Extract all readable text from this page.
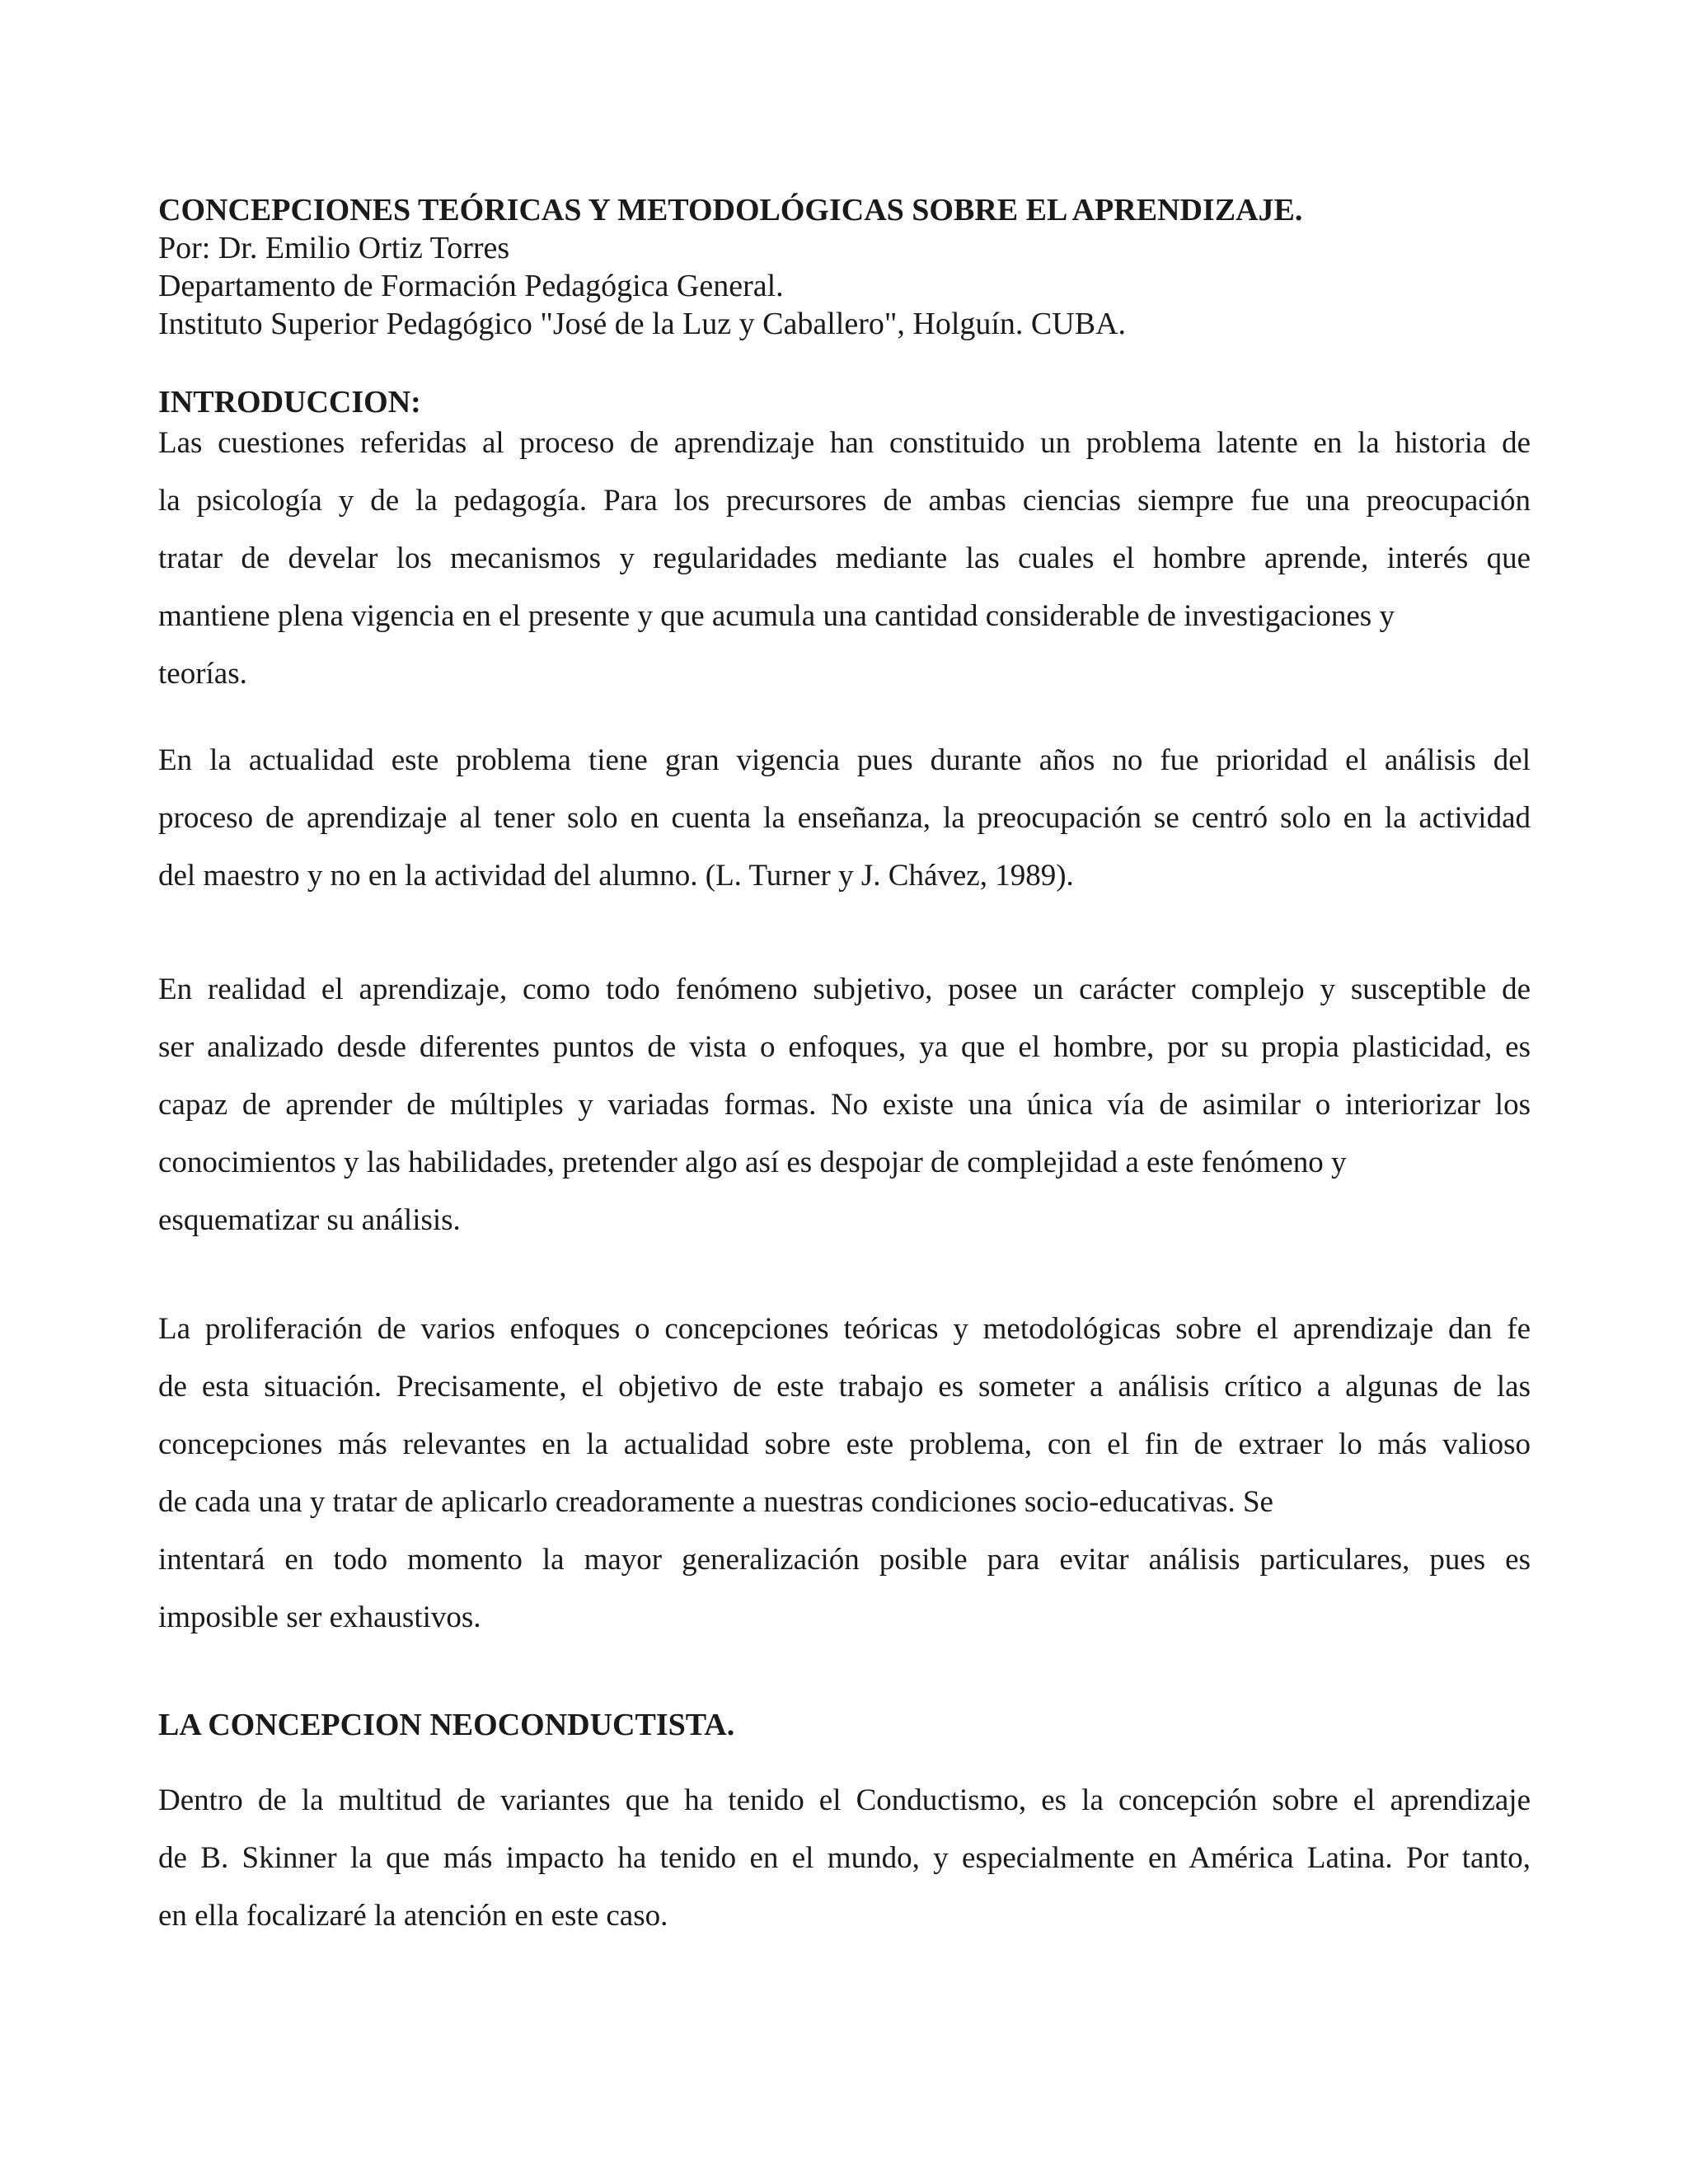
CONCEPCIONES TEÓRICAS Y METODOLÓGICAS SOBRE EL APRENDIZAJE.
Por: Dr. Emilio Ortiz Torres
Departamento de Formación Pedagógica General.
Instituto Superior Pedagógico "José de la Luz y Caballero", Holguín. CUBA.
INTRODUCCION:
Las cuestiones referidas al proceso de aprendizaje han constituido un problema latente en la historia de
la psicología y de la pedagogía. Para los precursores de ambas ciencias siempre fue una preocupación
tratar de develar los mecanismos y regularidades mediante las cuales el hombre aprende, interés que
mantiene plena vigencia en el presente y que acumula una cantidad considerable de investigaciones y
teorías.
En la actualidad este problema tiene gran vigencia pues durante años no fue prioridad el análisis del
proceso de aprendizaje al tener solo en cuenta la enseñanza, la preocupación se centró solo en la actividad
del maestro y no en la actividad del alumno. (L. Turner y J. Chávez, 1989).
En realidad el aprendizaje, como todo fenómeno subjetivo, posee un carácter complejo y susceptible de
ser analizado desde diferentes puntos de vista o enfoques, ya que el hombre, por su propia plasticidad, es
capaz de aprender de múltiples y variadas formas. No existe una única vía de asimilar o interiorizar los
conocimientos y las habilidades, pretender algo así es despojar de complejidad a este fenómeno y
esquematizar su análisis.
La proliferación de varios enfoques o concepciones teóricas y metodológicas sobre el aprendizaje dan fe
de esta situación. Precisamente, el objetivo de este trabajo es someter a análisis crítico a algunas de las
concepciones más relevantes en la actualidad sobre este problema, con el fin de extraer lo más valioso
de cada una y tratar de aplicarlo creadoramente a nuestras condiciones socio-educativas. Se
intentará en todo momento la mayor generalización posible para evitar análisis particulares, pues es
imposible ser exhaustivos.
LA CONCEPCION NEOCONDUCTISTA.
Dentro de la multitud de variantes que ha tenido el Conductismo, es la concepción sobre el aprendizaje
de B. Skinner la que más impacto ha tenido en el mundo, y especialmente en América Latina. Por tanto,
en ella focalizaré la atención en este caso.
